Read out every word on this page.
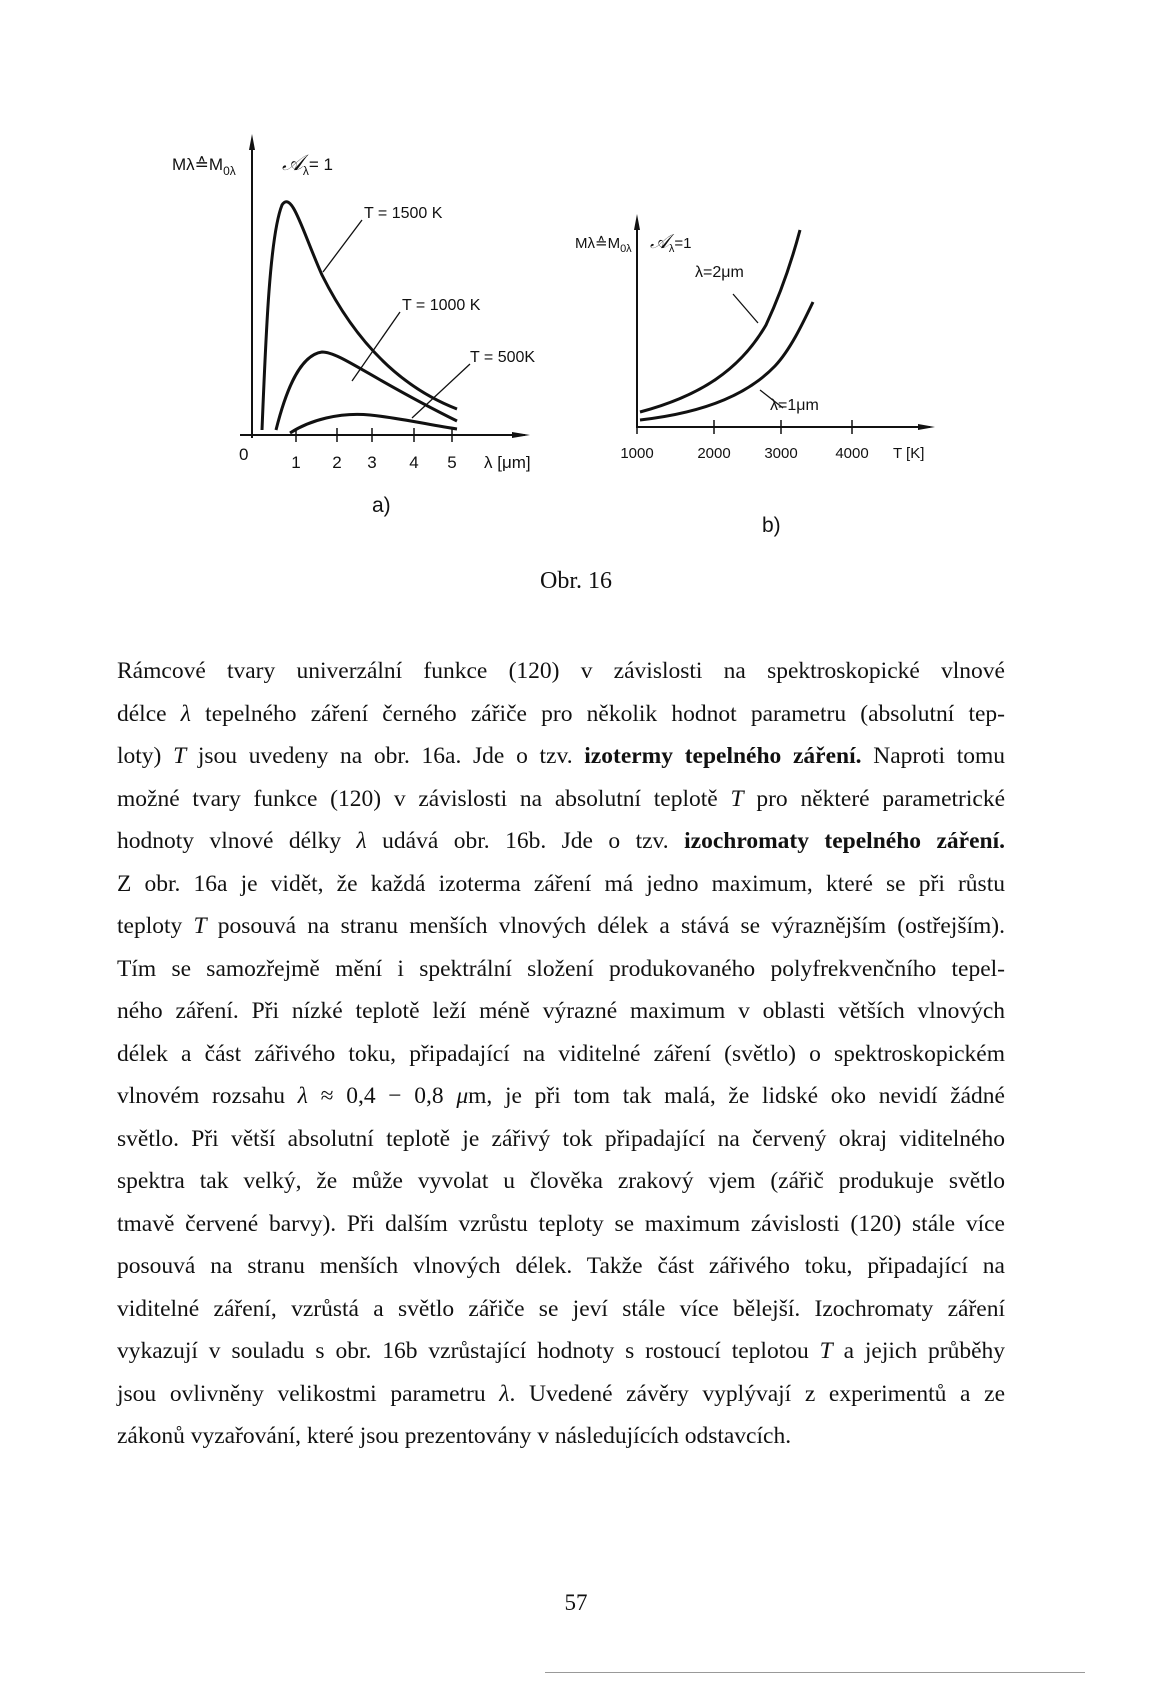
$M\lambda≙M_{0\lambda}$ 𝒜$_\lambda$= 1
T = 1500 K
T = 1000 K
T = 500K
0	1 2 3 4 5 λ [μm]
a)
$M\lambda≙M_{0\lambda}$ 𝒜$_\lambda$=1
λ=2μm
λ=1μm
1000	2000 3000	4000 T [K]
b)
Obr. 16

Rámcové tvary univerzální funkce (120) v závislosti na spektroskopické vlnové
délce λ tepelného záření černého zářiče pro několik hodnot parametru (absolutní tep-
loty) T jsou uvedeny na obr. 16a. Jde o tzv. izotermy tepelného záření. Naproti tomu
možné tvary funkce (120) v závislosti na absolutní teplotě T pro některé parametrické
hodnoty vlnové délky λ udává obr. 16b. Jde o tzv. izochromaty tepelného záření.
Z obr. 16a je vidět, že každá izoterma záření má jedno maximum, které se při růstu
teploty T posouvá na stranu menších vlnových délek a stává se výraznějším (ostřejším).
Tím se samozřejmě mění i spektrální složení produkovaného polyfrekvenčního tepel-
ného záření. Při nízké teplotě leží méně výrazné maximum v oblasti větších vlnových
délek a část zářivého toku, připadající na viditelné záření (světlo) o spektroskopickém
vlnovém rozsahu λ ≈ 0,4 − 0,8 μm, je při tom tak malá, že lidské oko nevidí žádné
světlo. Při větší absolutní teplotě je zářivý tok připadající na červený okraj viditelného
spektra tak velký, že může vyvolat u člověka zrakový vjem (zářič produkuje světlo
tmavě červené barvy). Při dalším vzrůstu teploty se maximum závislosti (120) stále více
posouvá na stranu menších vlnových délek. Takže část zářivého toku, připadající na
viditelné záření, vzrůstá a světlo zářiče se jeví stále více bělejší. Izochromaty záření
vykazují v souladu s obr. 16b vzrůstající hodnoty s rostoucí teplotou T a jejich průběhy
jsou ovlivněny velikostmi parametru λ. Uvedené závěry vyplývají z experimentů a ze
zákonů vyzařování, které jsou prezentovány v následujících odstavcích.

57
